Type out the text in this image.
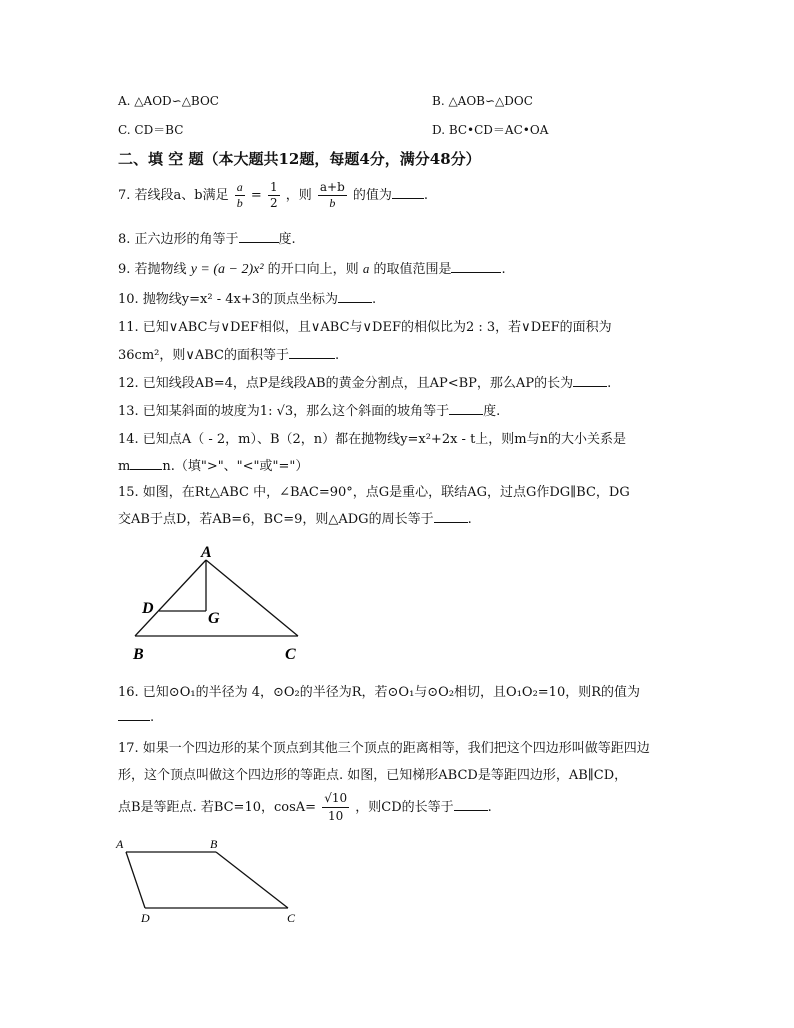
A. △AOD∽△BOC	B. △AOB∽△DOC
C. CD＝BC	D. BC•CD＝AC•OA
二、填 空 题（本大题共12题，每题4分，满分48分）
7. 若线段a、b满足 $\frac{a}{b} = \frac{1}{2}$ ，则 $\frac{a+b}{b}$ 的值为 .
8. 正六边形的角等于	度.
9. 若抛物线 y = (a − 2)x² 的开口向上，则 a 的取值范围是	.
10. 抛物线y=x² - 4x+3的顶点坐标为	.
11. 已知∨ABC与∨DEF相似，且∨ABC与∨DEF的相似比为2 : 3，若∨DEF的面积为
36cm²，则∨ABC的面积等于	.
12. 已知线段AB=4，点P是线段AB的黄金分割点，且AP<BP，那么AP的长为	.
13. 已知某斜面的坡度为1: √3，那么这个斜面的坡角等于	度.
14. 已知点A（ - 2，m）、B（2，n）都在抛物线y=x²+2x - t上，则m与n的大小关系是
m n.（填">"、"<"或"="）
15. 如图，在Rt△ABC 中，∠BAC=90°，点G是重心，联结AG，过点G作DG∥BC，DG
交AB于点D，若AB=6，BC=9，则△ADG的周长等于	.
A
B	C
D
G
16. 已知⊙O₁的半径为 4，⊙O₂的半径为R，若⊙O₁与⊙O₂相切，且O₁O₂=10，则R的值为
.
17. 如果一个四边形的某个顶点到其他三个顶点的距离相等，我们把这个四边形叫做等距四边
形，这个顶点叫做这个四边形的等距点. 如图，已知梯形ABCD是等距四边形，AB∥CD，
点B是等距点. 若BC=10，$\cos A= \frac{√10}{10}$ ，则CD的长等于	.
A	B
C
D
